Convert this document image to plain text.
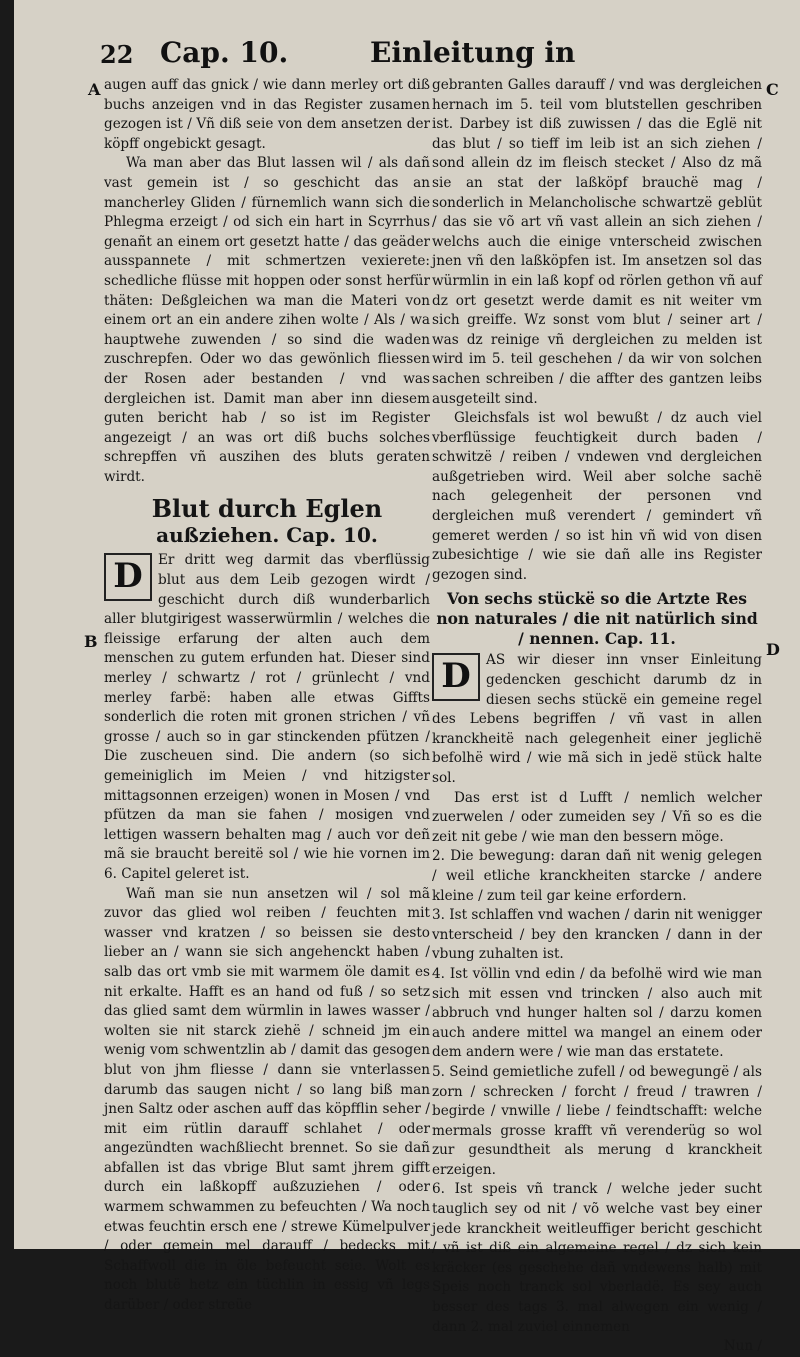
22 Cap. 10.	Einleitung in
A
B
C
D

augen auff das gnick / wie dann merley ort diß buchs anzeigen vnd in das Register zusamen gezogen ist / Vñ diß seie von dem ansetzen der köpff ongebickt gesagt.

Wa man aber das Blut lassen wil / als dañ vast gemein ist / so geschicht das an mancherley Gliden / fürnemlich wann sich die Phlegma erzeigt / od sich ein hart in Scyrrhus genañt an einem ort gesetzt hatte / das geäder ausspannete / mit schmertzen vexierete: schedliche flüsse mit hoppen oder sonst herfür thäten: Deßgleichen wa man die Materi von einem ort an ein andere zihen wolte / Als / wa hauptwehe zuwenden / so sind die waden zuschrepfen. Oder wo das gewönlich fliessen der Rosen ader bestanden / vnd was dergleichen ist. Damit man aber inn diesem guten bericht hab / so ist im Register angezeigt / an was ort diß buchs solches schrepffen vñ auszihen des bluts geraten wirdt.

Blut durch Eglen
außziehen. Cap. 10.

D	Er dritt weg darmit das vberflüssig blut aus dem Leib gezogen wirdt / geschicht durch diß wunderbarlich aller blutgirigest wasserwürmlin / welches die fleissige erfarung der alten auch dem menschen zu gutem erfunden hat. Dieser sind merley / schwartz / rot / grünlecht / vnd merley farbë: haben alle etwas Giffts sonderlich die roten mit gronen strichen / vñ grosse / auch so in gar stinckenden pfützen / Die zuscheuen sind. Die andern (so sich gemeiniglich im Meien / vnd hitzigster mittagsonnen erzeigen) wonen in Mosen / vnd pfützen da man sie fahen / mosigen vnd lettigen wassern behalten mag / auch vor deñ mã sie braucht bereitë sol / wie hie vornen im 6. Capitel geleret ist.

Wañ man sie nun ansetzen wil / sol mã zuvor das glied wol reiben / feuchten mit wasser vnd kratzen / so beissen sie desto lieber an / wann sie sich angehenckt haben / salb das ort vmb sie mit warmem öle damit es nit erkalte. Hafft es an hand od fuß / so setz das glied samt dem würmlin in lawes wasser / wolten sie nit starck ziehë / schneid jm ein wenig vom schwentzlin ab / damit das gesogen blut von jhm fliesse / dann sie vnterlassen darumb das saugen nicht / so lang biß man jnen Saltz oder aschen auff das köpfflin seher / mit eim rütlin darauff schlahet / oder angezündten wachßliecht brennet. So sie dañ abfallen ist das vbrige Blut samt jhrem gifft durch ein laßkopff außzuziehen / oder warmem schwammen zu befeuchten / Wa noch etwas feuchtin ersch ene / strewe Kümelpulver / oder gemein mel darauff / bedecks mit Schaffwoll die in öle befeucht seie. Wolt es noch blutë hetz ein tüchlin in essig vñ legs darüber / oder streüe

gebranten Galles darauff / vnd was dergleichen hernach im 5. teil vom blutstellen geschriben ist. Darbey ist diß zuwissen / das die Eglë nit das blut / so tieff im leib ist an sich ziehen / sond allein dz im fleisch stecket / Also dz mã sie an stat der laßköpf brauchë mag / sonderlich in Melancholische schwartzë geblüt / das sie võ art vñ vast allein an sich ziehen / welchs auch die einige vnterscheid zwischen jnen vñ den laßköpfen ist. Im ansetzen sol das würmlin in ein laß kopf od rörlen gethon vñ auf dz ort gesetzt werde damit es nit weiter vm sich greiffe. Wz sonst vom blut / seiner art / was dz reinige vñ dergleichen zu melden ist wird im 5. teil geschehen / da wir von solchen sachen schreiben / die affter des gantzen leibs ausgeteilt sind.

Gleichsfals ist wol bewußt / dz auch viel vberflüssige feuchtigkeit durch baden / schwitzë / reiben / vndewen vnd dergleichen außgetrieben wird. Weil aber solche sachë nach gelegenheit der personen vnd dergleichen muß verendert / gemindert vñ gemeret werden / so ist hin vñ wid von disen zubesichtige / wie sie dañ alle ins Register gezogen sind.

Von sechs stückë so die Artzte Res non naturales / die nit natürlich sind / nennen. Cap. 11.

D	AS wir dieser inn vnser Einleitung gedencken geschicht darumb dz in diesen sechs stückë ein gemeine regel des Lebens begriffen / vñ vast in allen kranckheitë nach gelegenheit einer jeglichë befolhë wird / wie mã sich in jedë stück halte sol.

Das erst ist d Lufft / nemlich welcher zuerwelen / oder zumeiden sey / Vñ so es die zeit nit gebe / wie man den bessern möge.

2. Die bewegung: daran dañ nit wenig gelegen / weil etliche kranckheiten starcke / andere kleine / zum teil gar keine erfordern.

3. Ist schlaffen vnd wachen / darin nit wenigger vnterscheid / bey den krancken / dann in der vbung zuhalten ist.

4. Ist völlin vnd edin / da befolhë wird wie man sich mit essen vnd trincken / also auch mit abbruch vnd hunger halten sol / darzu komen auch andere mittel wa mangel an einem oder dem andern were / wie man das erstatete.

5. Seind gemietliche zufell / od bewegungë / als zorn / schrecken / forcht / freud / trawren / begirde / vnwille / liebe / feindtschafft: welche mermals grosse krafft vñ verenderüg so wol zur gesundtheit als merung d kranckheit erzeigen.

6. Ist speis vñ tranck / welche jeder sucht tauglich sey od nit / võ welche vast bey einer jede kranckheit weitleuffiger bericht geschicht / vñ ist diß ein algemeine regel / dz sich kein kräcker (es geschehe dañ vndewens halb) mit Speis noch tranck sol vberladë. Es sey auch besser des tags 3. mal alwegen ein wenig / dann 2. mal zuviel einnemen

Nun /
